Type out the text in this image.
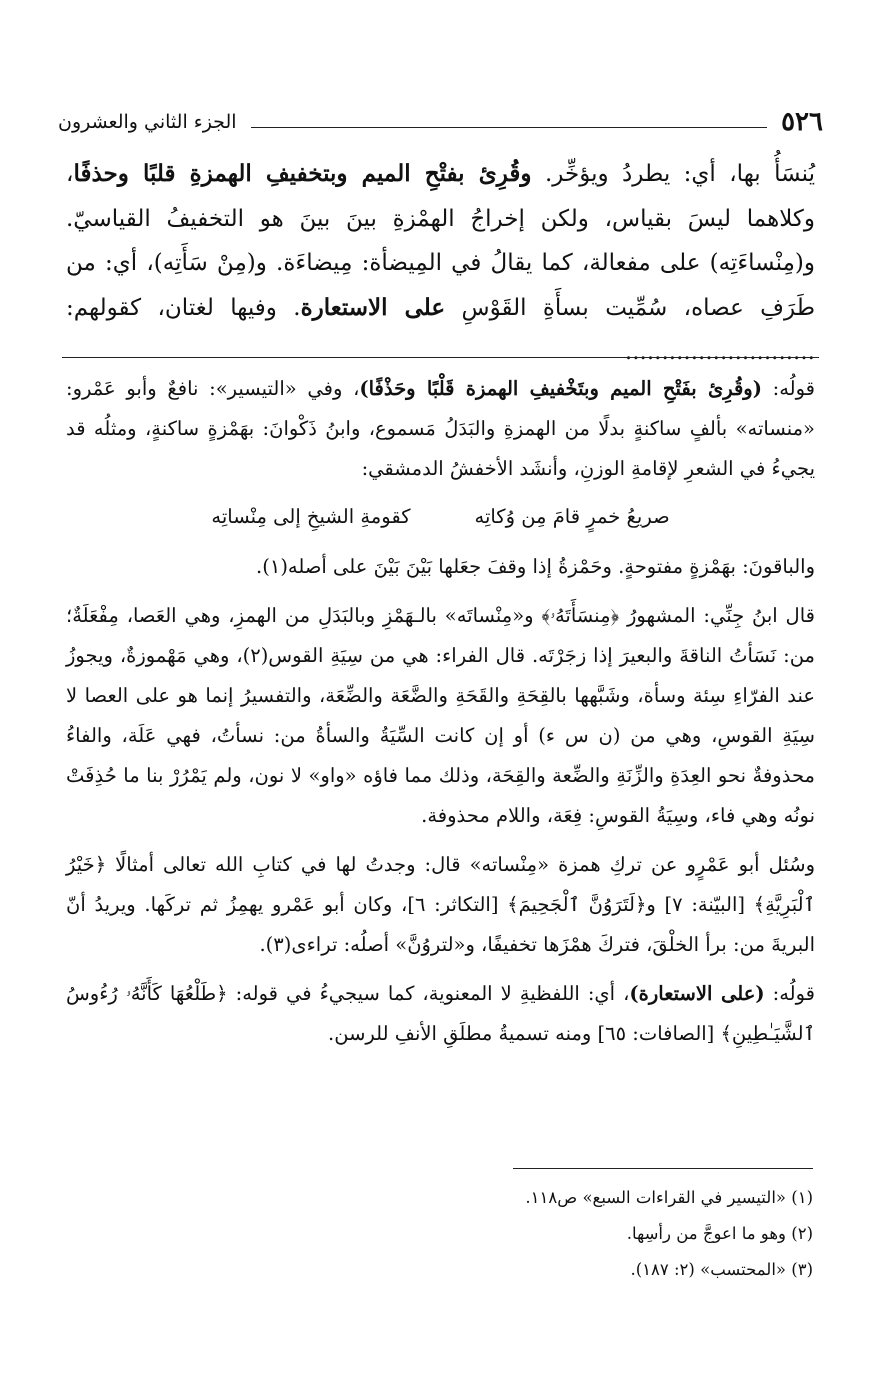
٥٢٦
الجزء الثاني والعشرون
يُنسَأُ بها، أي: يطردُ ويؤخِّر. وقُرِئ بفتْحِ الميم وبتخفيفِ الهمزةِ قلبًا وحذفًا، وكلاهما ليسَ بقياس، ولكن إخراجُ الهمْزةِ بينَ بينَ هو التخفيفُ القياسيّ. و(مِنْساءَتِه) على مفعالة، كما يقالُ في المِيضأة: مِيضاءَة. و(مِنْ سَأَتِه)، أي: من طَرَفِ عصاه، سُمِّيت بسأَةِ القَوْسِ على الاستعارة. وفيها لغتان، كقولهم: ..........................

قولُه: (وقُرِئ بفَتْحِ الميم وبتَخْفيفِ الهمزة قَلْبًا وحَذْفًا)، وفي «التيسير»: نافعٌ وأبو عَمْرو: «منساته» بألفٍ ساكنةٍ بدلًا من الهمزةِ والبَدَلُ مَسموع، وابنُ ذَكْوانَ: بهَمْزةٍ ساكنةٍ، ومثلُه قد يجيءُ في الشعرِ لإقامةِ الوزنِ، وأنشَد الأخفشُ الدمشقي:

صريعُ خمرٍ قامَ مِن وُكاتِه
كقومةِ الشيخِ إلى مِنْساتِه

والباقونَ: بهَمْزةٍ مفتوحةٍ. وحَمْزةُ إذا وقفَ جعَلها بَيْنَ بَيْنَ على أصله(١).

قال ابنُ جِنِّي: المشهورُ ﴿مِنسَأَتَهُۥ﴾ و«مِنْساتَه» بالـهَمْزِ وبالبَدَلِ من الهمزِ، وهي العَصا، مِفْعَلَةٌ؛ من: نَسَأتُ الناقةَ والبعيرَ إذا زجَرْتَه. قال الفراء: هي من سِيَةِ القوس(٢)، وهي مَهْموزةٌ، ويجوزُ عند الفرّاءِ سِئة وسأة، وشَبَّهها بالقِحَةِ والقَحَةِ والضَّعَة والضِّعَة، والتفسيرُ إنما هو على العصا لا سِيَةِ القوسِ، وهي من (ن س ء) أو إن كانت السِّيَةُ والسأةُ من: نسأتُ، فهي عَلَة، والفاءُ محذوفةٌ نحو العِدَةِ والزِّنَةِ والضِّعة والقِحَة، وذلك مما فاؤه «واو» لا نون، ولم يَمْرُرْ بنا ما حُذِفَتْ نونُه وهي فاء، وسِيَةُ القوسِ: فِعَة، واللام محذوفة.

وسُئل أبو عَمْرٍو عن تركِ همزة «مِنْساته» قال: وجدتُ لها في كتابِ الله تعالى أمثالًا ﴿خَيْرُ ٱلْبَرِيَّةِ﴾ [البيّنة: ٧] و﴿لَتَرَوُنَّ ٱلْجَحِيمَ﴾ [التكاثر: ٦]، وكان أبو عَمْرو يهمِزُ ثم تركَها. ويريدُ أنّ البريةَ من: برأ الخلْقَ، فتركَ همْزَها تخفيفًا، و«لتروُنَّ» أصلُه: تراءى(٣).

قولُه: (على الاستعارة)، أي: اللفظيةِ لا المعنوية، كما سيجيءُ في قوله: ﴿طَلْعُهَا كَأَنَّهُۥ رُءُوسُ ٱلشَّيَـٰطِينِ﴾ [الصافات: ٦٥] ومنه تسميةُ مطلَقِ الأنفِ للرسن.

(١) «التيسير في القراءات السبع» ص١١٨.
(٢) وهو ما اعوجَّ من رأسِها.
(٣) «المحتسب» (٢: ١٨٧).
